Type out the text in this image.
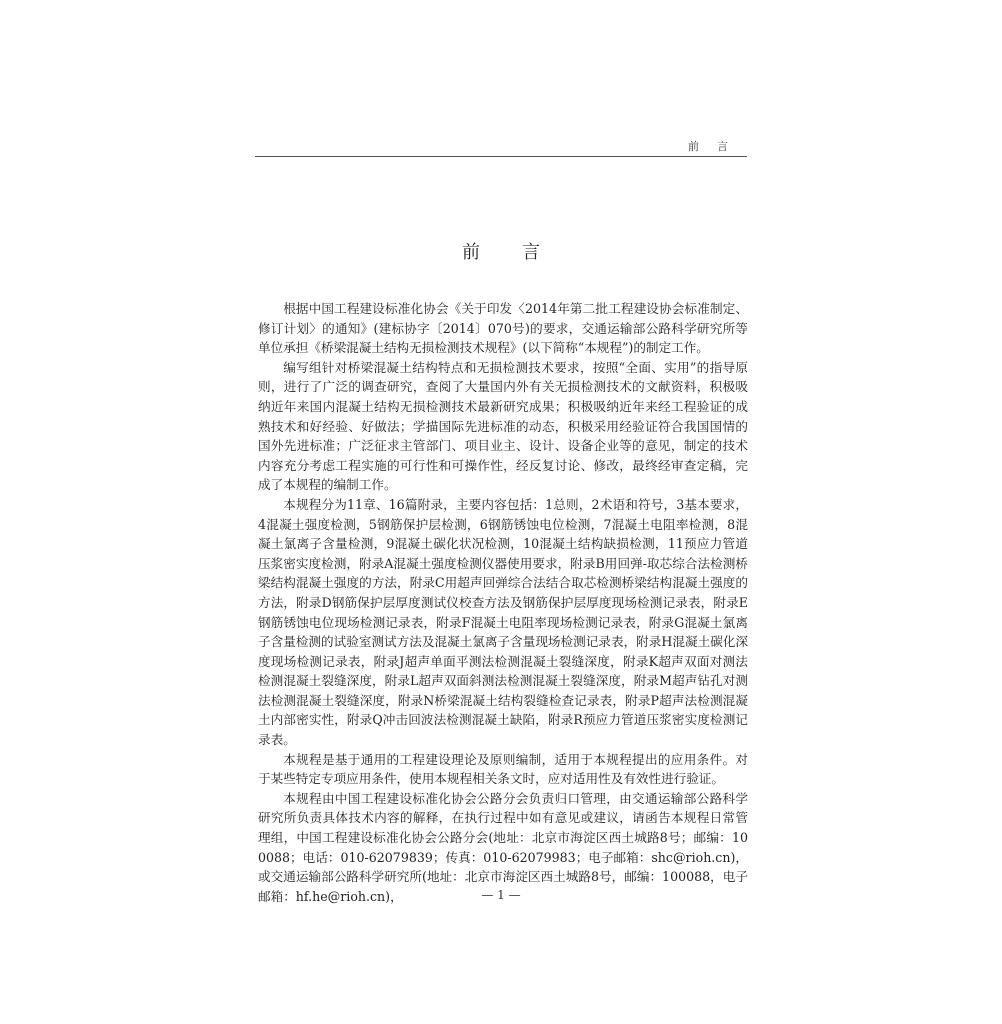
前言
前言

根据中国工程建设标准化协会《关于印发〈2014年第二批工程建设协会标准制定、修订计划〉的通知》(建标协字〔2014〕070号)的要求，交通运输部公路科学研究所等单位承担《桥梁混凝土结构无损检测技术规程》(以下简称“本规程”)的制定工作。

编写组针对桥梁混凝土结构特点和无损检测技术要求，按照“全面、实用”的指导原则，进行了广泛的调查研究，查阅了大量国内外有关无损检测技术的文献资料，积极吸纳近年来国内混凝土结构无损检测技术最新研究成果；积极吸纳近年来经工程验证的成熟技术和好经验、好做法；学描国际先进标准的动态，积极采用经验证符合我国国情的国外先进标准；广泛征求主管部门、项目业主、设计、设备企业等的意见，制定的技术内容充分考虑工程实施的可行性和可操作性，经反复讨论、修改，最终经审查定稿，完成了本规程的编制工作。

本规程分为11章、16篇附录，主要内容包括：1总则，2术语和符号，3基本要求，4混凝土强度检测，5钢筋保护层检测，6钢筋锈蚀电位检测，7混凝土电阻率检测，8混凝土氯离子含量检测，9混凝土碳化状况检测，10混凝土结构缺损检测，11预应力管道压浆密实度检测，附录A混凝土强度检测仪器使用要求，附录B用回弹-取芯综合法检测桥梁结构混凝土强度的方法，附录C用超声回弹综合法结合取芯检测桥梁结构混凝土强度的方法，附录D钢筋保护层厚度测试仪校查方法及钢筋保护层厚度现场检测记录表，附录E钢筋锈蚀电位现场检测记录表，附录F混凝土电阻率现场检测记录表，附录G混凝土氯离子含量检测的试验室测试方法及混凝土氯离子含量现场检测记录表，附录H混凝土碳化深度现场检测记录表，附录J超声单面平测法检测混凝土裂缝深度，附录K超声双面对测法检测混凝土裂缝深度，附录L超声双面斜测法检测混凝土裂缝深度，附录M超声钻孔对测法检测混凝土裂缝深度，附录N桥梁混凝土结构裂缝检查记录表，附录P超声法检测混凝土内部密实性，附录Q冲击回波法检测混凝土缺陷，附录R预应力管道压浆密实度检测记录表。

本规程是基于通用的工程建设理论及原则编制，适用于本规程提出的应用条件。对于某些特定专项应用条件，使用本规程相关条文时，应对适用性及有效性进行验证。

本规程由中国工程建设标准化协会公路分会负责归口管理，由交通运输部公路科学研究所负责具体技术内容的解释，在执行过程中如有意见或建议，请函告本规程日常管理组，中国工程建设标准化协会公路分会(地址：北京市海淀区西土城路8号；邮编：100088；电话：010-62079839；传真：010-62079983；电子邮箱：shc@rioh.cn)，或交通运输部公路科学研究所(地址：北京市海淀区西土城路8号，邮编：100088，电子邮箱：hf.he@rioh.cn)，	— 1 —
